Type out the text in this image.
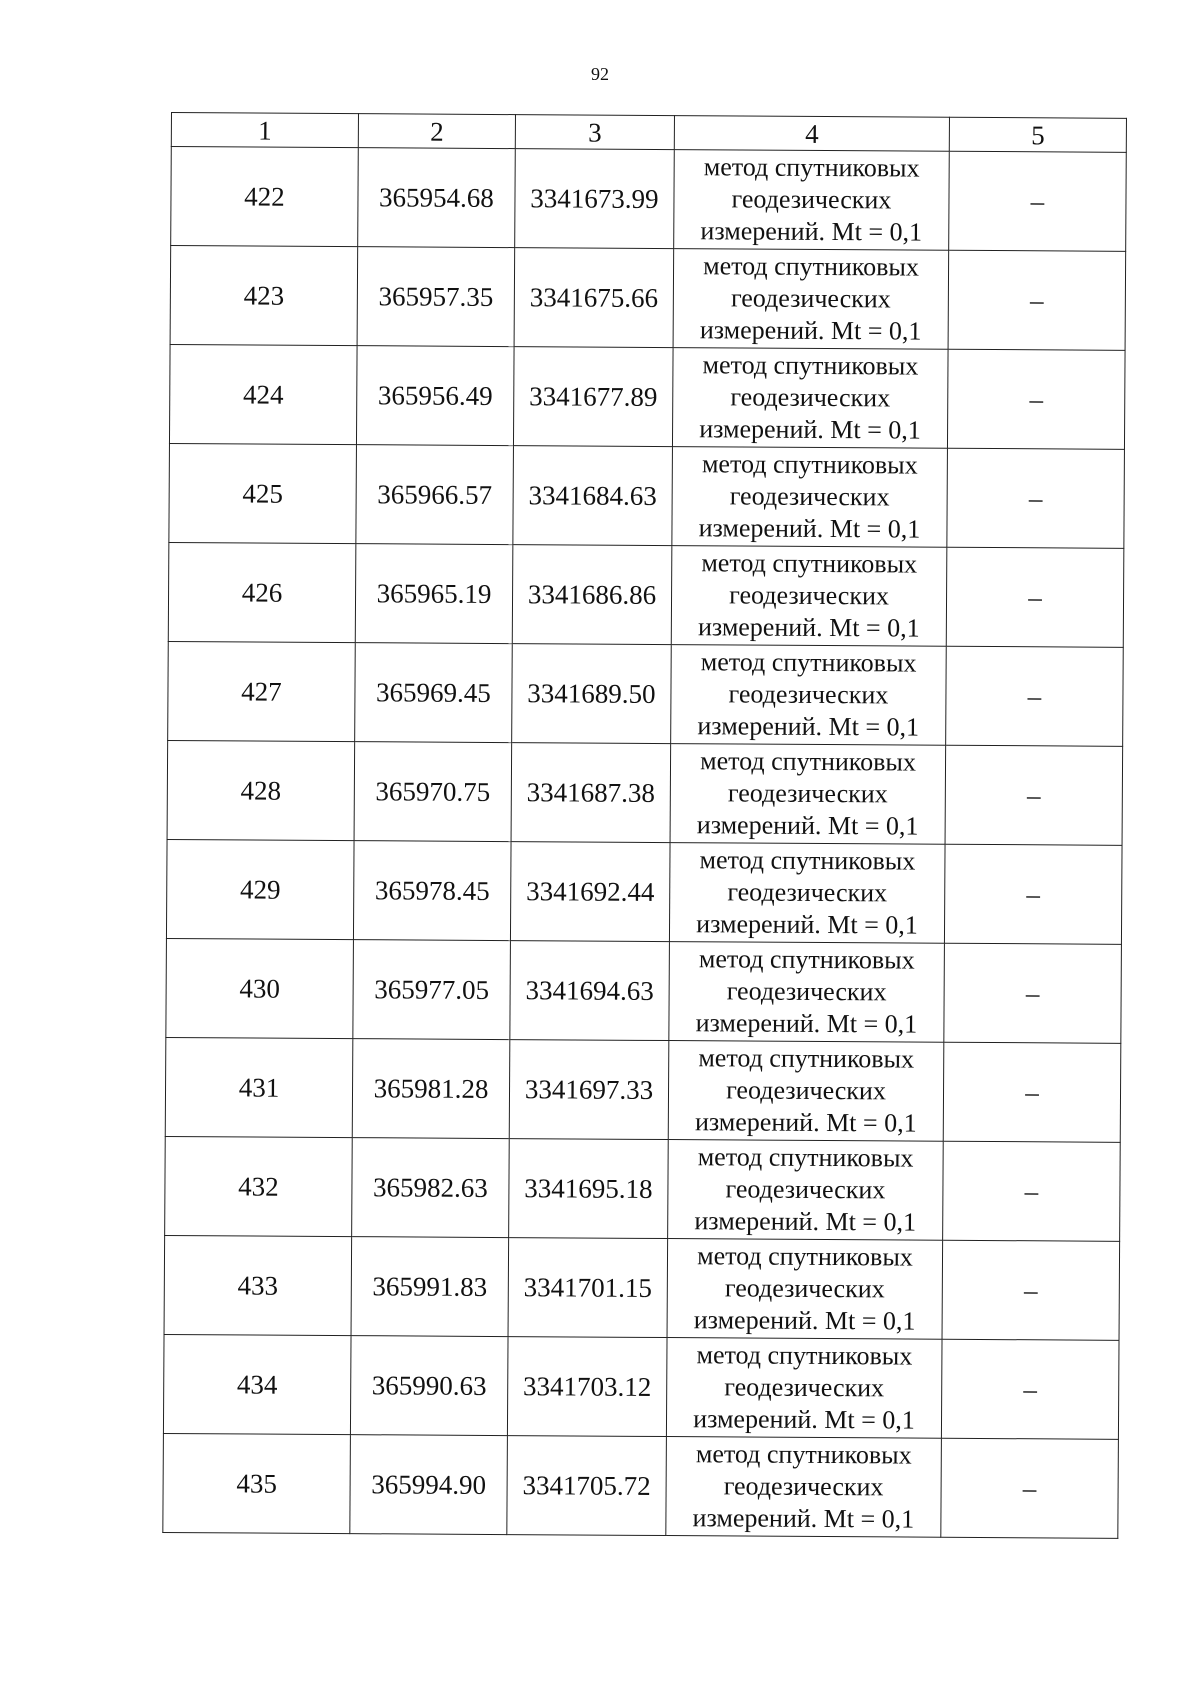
92
1	2	3	4	5
422	365954.68	3341673.99	метод спутниковых
геодезических
измерений. Mt = 0,1	–
423	365957.35	3341675.66	метод спутниковых
геодезических
измерений. Mt = 0,1	–
424	365956.49	3341677.89	метод спутниковых
геодезических
измерений. Mt = 0,1	–
425	365966.57	3341684.63	метод спутниковых
геодезических
измерений. Mt = 0,1	–
426	365965.19	3341686.86	метод спутниковых
геодезических
измерений. Mt = 0,1	–
427	365969.45	3341689.50	метод спутниковых
геодезических
измерений. Mt = 0,1	–
428	365970.75	3341687.38	метод спутниковых
геодезических
измерений. Mt = 0,1	–
429	365978.45	3341692.44	метод спутниковых
геодезических
измерений. Mt = 0,1	–
430	365977.05	3341694.63	метод спутниковых
геодезических
измерений. Mt = 0,1	–
431	365981.28	3341697.33	метод спутниковых
геодезических
измерений. Mt = 0,1	–
432	365982.63	3341695.18	метод спутниковых
геодезических
измерений. Mt = 0,1	–
433	365991.83	3341701.15	метод спутниковых
геодезических
измерений. Mt = 0,1	–
434	365990.63	3341703.12	метод спутниковых
геодезических
измерений. Mt = 0,1	–
435	365994.90	3341705.72	метод спутниковых
геодезических
измерений. Mt = 0,1	–
